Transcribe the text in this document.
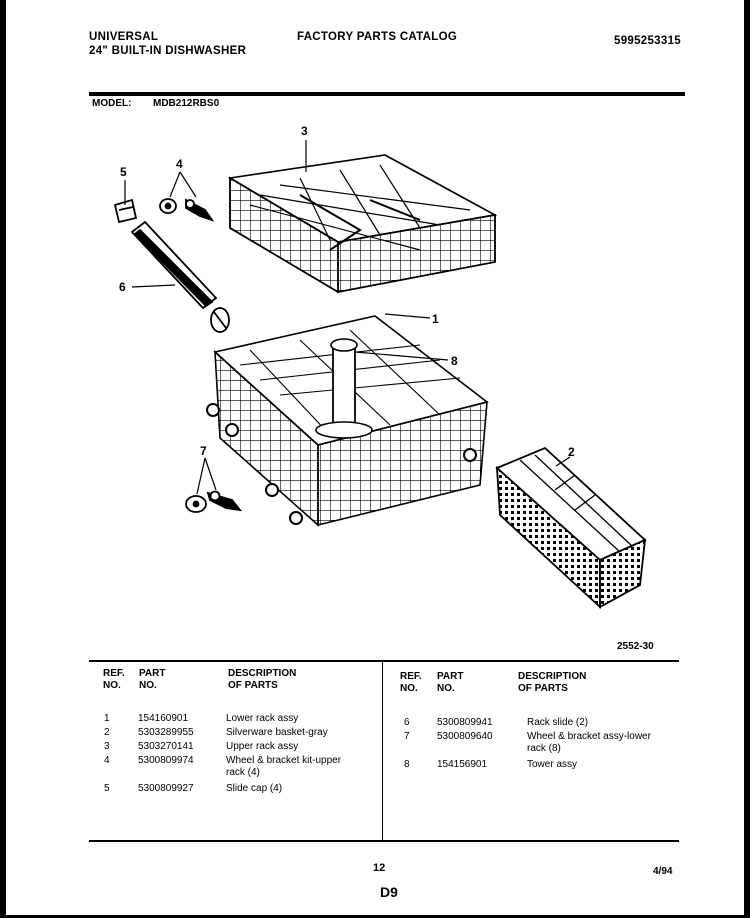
UNIVERSAL
24" BUILT-IN DISHWASHER
FACTORY PARTS CATALOG	5995253315
MODEL: MDB212RBS0
3
5
4
6
1
8
7	2
2552-30
REF.
NO.
PART
NO.
DESCRIPTION
OF PARTS
REF.
NO.
PART
NO.
DESCRIPTION
OF PARTS
1	154160901	Lower rack assy
2	5303289955	Silverware basket-gray
3	5303270141	Upper rack assy
4	5300809974	Wheel & bracket kit-upper
rack (4)
5	5300809927	Slide cap (4)
6	5300809941	Rack slide (2)
7	5300809640	Wheel & bracket assy-lower
rack (8)
8	154156901	Tower assy
12
D9
4/94
